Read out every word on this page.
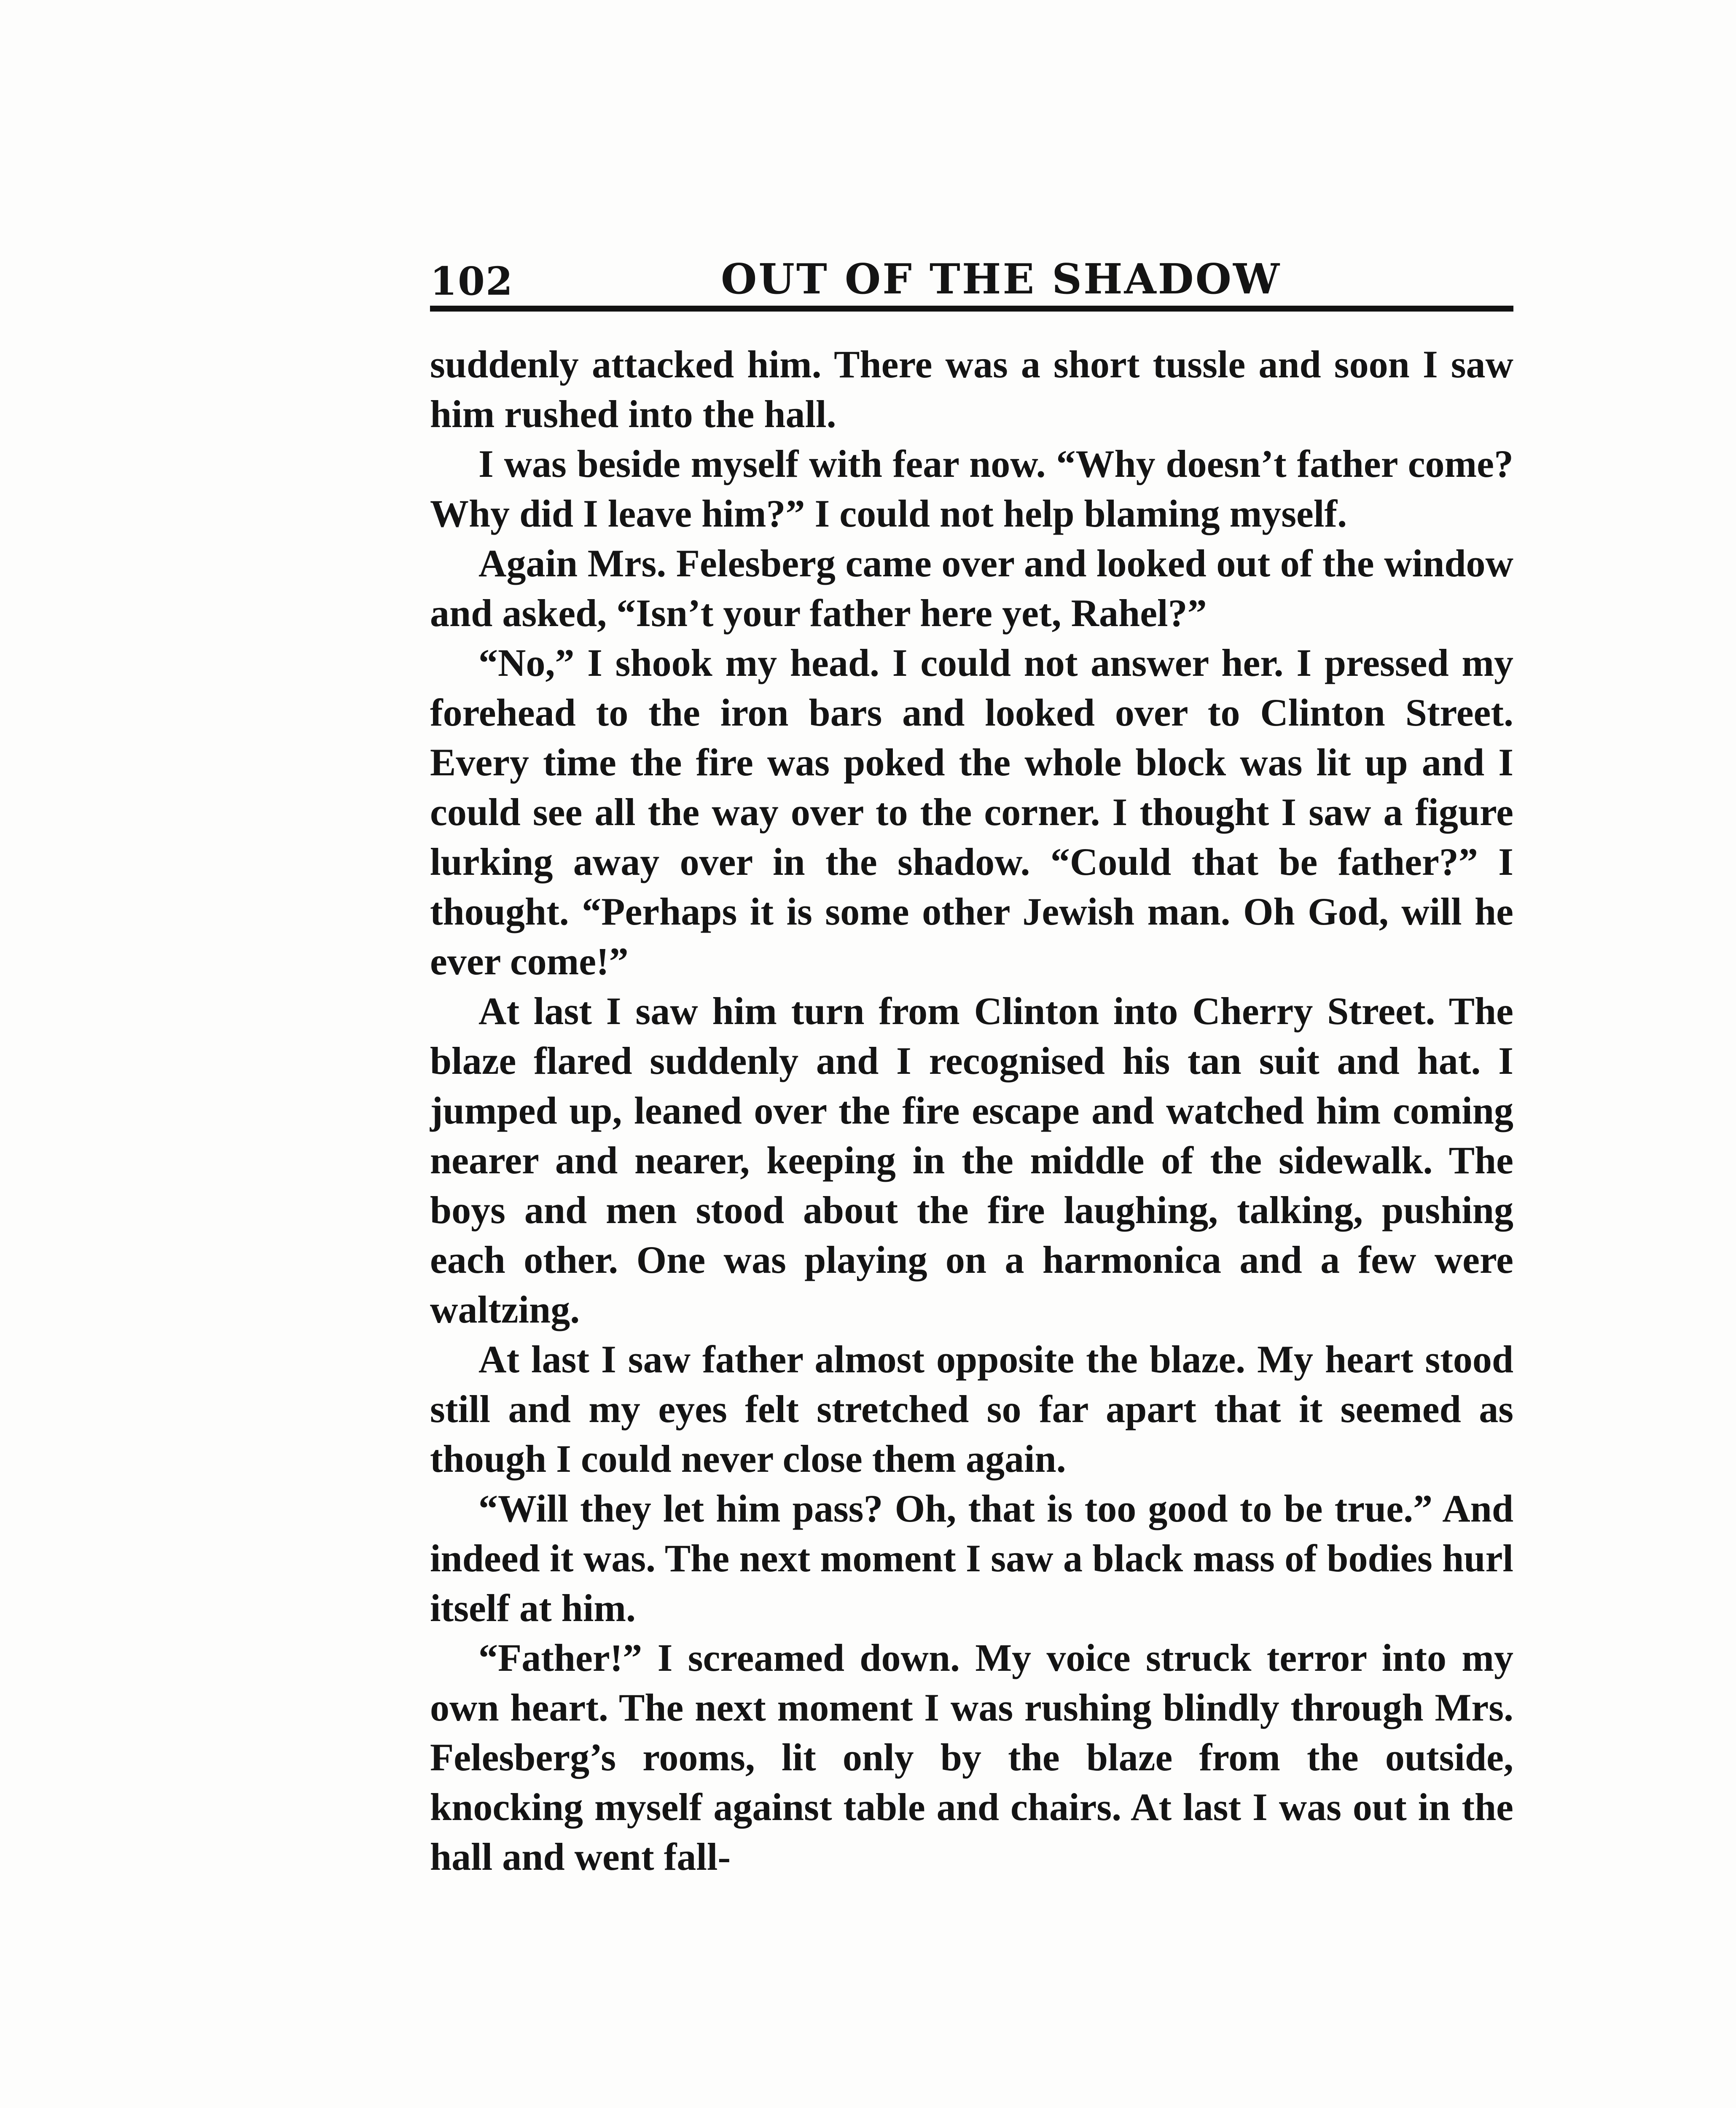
102	OUT OF THE SHADOW

suddenly attacked him. There was a short tussle and soon I saw him rushed into the hall.

I was beside myself with fear now. “Why doesn’t father come? Why did I leave him?” I could not help blaming myself.

Again Mrs. Felesberg came over and looked out of the window and asked, “Isn’t your father here yet, Rahel?”

“No,” I shook my head. I could not answer her. I pressed my forehead to the iron bars and looked over to Clinton Street. Every time the fire was poked the whole block was lit up and I could see all the way over to the corner. I thought I saw a figure lurking away over in the shadow. “Could that be father?” I thought. “Perhaps it is some other Jewish man. Oh God, will he ever come!”

At last I saw him turn from Clinton into Cherry Street. The blaze flared suddenly and I recognised his tan suit and hat. I jumped up, leaned over the fire escape and watched him coming nearer and nearer, keeping in the middle of the sidewalk. The boys and men stood about the fire laughing, talking, pushing each other. One was playing on a harmonica and a few were waltzing.

At last I saw father almost opposite the blaze. My heart stood still and my eyes felt stretched so far apart that it seemed as though I could never close them again.

“Will they let him pass? Oh, that is too good to be true.” And indeed it was. The next moment I saw a black mass of bodies hurl itself at him.

“Father!” I screamed down. My voice struck terror into my own heart. The next moment I was rushing blindly through Mrs. Felesberg’s rooms, lit only by the blaze from the outside, knocking myself against table and chairs. At last I was out in the hall and went fall-
